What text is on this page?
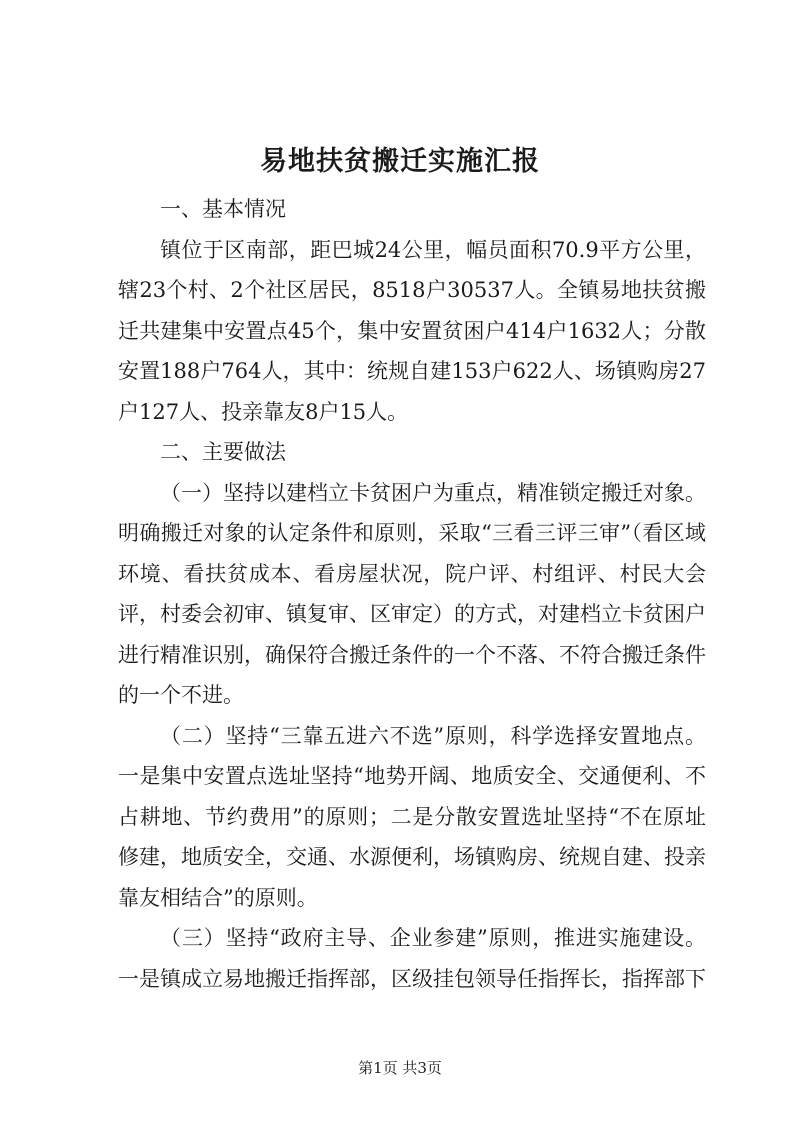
易地扶贫搬迁实施汇报

一、基本情况

镇位于区南部，距巴城24公里，幅员面积70.9平方公里，辖23个村、2个社区居民，8518户30537人。全镇易地扶贫搬迁共建集中安置点45个，集中安置贫困户414户1632人；分散安置188户764人，其中：统规自建153户622人、场镇购房27户127人、投亲靠友8户15人。

二、主要做法

（一）坚持以建档立卡贫困户为重点，精准锁定搬迁对象。明确搬迁对象的认定条件和原则，采取“三看三评三审”（看区域环境、看扶贫成本、看房屋状况，院户评、村组评、村民大会评，村委会初审、镇复审、区审定）的方式，对建档立卡贫困户进行精准识别，确保符合搬迁条件的一个不落、不符合搬迁条件的一个不进。

（二）坚持“三靠五进六不选”原则，科学选择安置地点。一是集中安置点选址坚持“地势开阔、地质安全、交通便利、不占耕地、节约费用”的原则；二是分散安置选址坚持“不在原址修建，地质安全，交通、水源便利，场镇购房、统规自建、投亲靠友相结合”的原则。

（三）坚持“政府主导、企业参建”原则，推进实施建设。一是镇成立易地搬迁指挥部，区级挂包领导任指挥长，指挥部下

第1页 共3页
